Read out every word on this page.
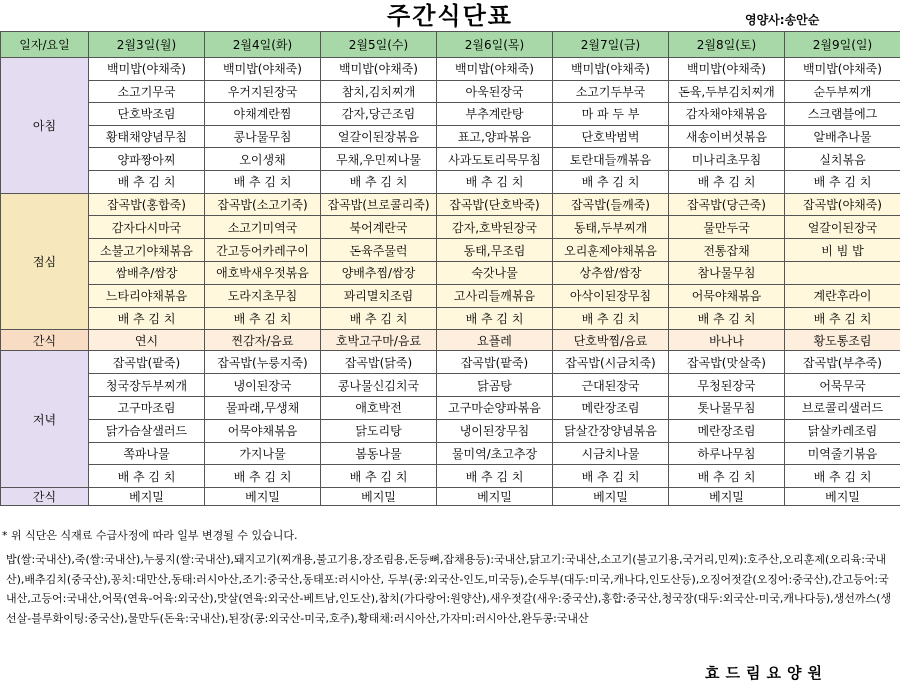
주간식단표	영양사:송안순
일자/요일	2월3일(월)	2월4일(화)	2월5일(수)	2월6일(목)	2월7일(금)	2월8일(토)	2월9일(일)
아침	백미밥(야채죽)	백미밥(야채죽)	백미밥(야채죽)	백미밥(야채죽)	백미밥(야채죽)	백미밥(야채죽)	백미밥(야채죽)
	소고기무국	우거지된장국	참치,김치찌개	아욱된장국	소고기두부국	돈육,두부김치찌개	순두부찌개
	단호박조림	야채계란찜	감자,당근조림	부추계란탕	마 파 두 부	감자채야채볶음	스크램블에그
	황태채양념무침	콩나물무침	얼갈이된장볶음	표고,양파볶음	단호박범벅	새송이버섯볶음	알배추나물
	양파짱아찌	오이생채	무채,우민찌나물	사과도토리묵무침	토란대들깨볶음	미나리초무침	실치볶음
	배 추 김 치	배 추 김 치	배 추 김 치	배 추 김 치	배 추 김 치	배 추 김 치	배 추 김 치
점심	잡곡밥(홍합죽)	잡곡밥(소고기죽)	잡곡밥(브로콜리죽)	잡곡밥(단호박죽)	잡곡밥(들깨죽)	잡곡밥(당근죽)	잡곡밥(야채죽)
	감자다시마국	소고기미역국	북어계란국	감자,호박된장국	동태,두부찌개	물만두국	얼갈이된장국
	소불고기야채볶음	간고등어카레구이	돈육주물럭	동태,무조림	오리훈제야채볶음	전통잡채	비 빔 밥
	쌈배추/쌈장	애호박새우젓볶음	양배추찜/쌈장	숙갓나물	상추쌈/쌈장	참나물무침	
	느타리야채볶음	도라지초무침	꽈리멸치조림	고사리들깨볶음	아삭이된장무침	어묵야채볶음	계란후라이
	배 추 김 치	배 추 김 치	배 추 김 치	배 추 김 치	배 추 김 치	배 추 김 치	배 추 김 치
간식	연시	찐감자/음료	호박고구마/음료	요플레	단호박찜/음료	바나나	황도통조림
저녁	잡곡밥(팥죽)	잡곡밥(누룽지죽)	잡곡밥(닭죽)	잡곡밥(팥죽)	잡곡밥(시금치죽)	잡곡밥(맛살죽)	잡곡밥(부추죽)
	청국장두부찌개	냉이된장국	콩나물신김치국	닭곰탕	근대된장국	무청된장국	어묵무국
	고구마조림	물파래,무생채	애호박전	고구마순양파볶음	메란장조림	톳나물무침	브로콜리샐러드
	닭가슴살샐러드	어묵야채볶음	닭도리탕	냉이된장무침	닭살간장양념볶음	메란장조림	닭살카레조림
	쪽파나물	가지나물	봄동나물	물미역/초고추장	시금치나물	하루나무침	미역줄기볶음
	배 추 김 치	배 추 김 치	배 추 김 치	배 추 김 치	배 추 김 치	배 추 김 치	배 추 김 치
간식	베지밀	베지밀	베지밀	베지밀	베지밀	베지밀	베지밀
* 위 식단은 식재료 수급사정에 따라 일부 변경될 수 있습니다.
밥(쌀:국내산),죽(쌀:국내산),누룽지(쌀:국내산),돼지고기(찌개용,불고기용,장조림용,돈등뼈,잡채용등):국내산,닭고기:국내산,소고기(불고기용,국거리,민찌):호주산,오리훈제(오리육:국내산),배추김치(중국산),꽁치:대만산,동태:러시아산,조기:중국산,동태포:러시아산, 두부(콩:외국산-인도,미국등),순두부(대두:미국,캐나다,인도산등),오징어젓갈(오징어:중국산),간고등어:국내산,고등어:국내산,어묵(연육-어육:외국산),맛살(연육:외국산-베트남,인도산),참치(가다랑어:원양산),새우젓갈(새우:중국산),홍합:중국산,청국장(대두:외국산-미국,캐나다등),생선까스(생선살-블루화이팅:중국산),물만두(돈육:국내산),된장(콩:외국산-미국,호주),황태채:러시아산,가자미:러시아산,완두콩:국내산
효드림요양원
